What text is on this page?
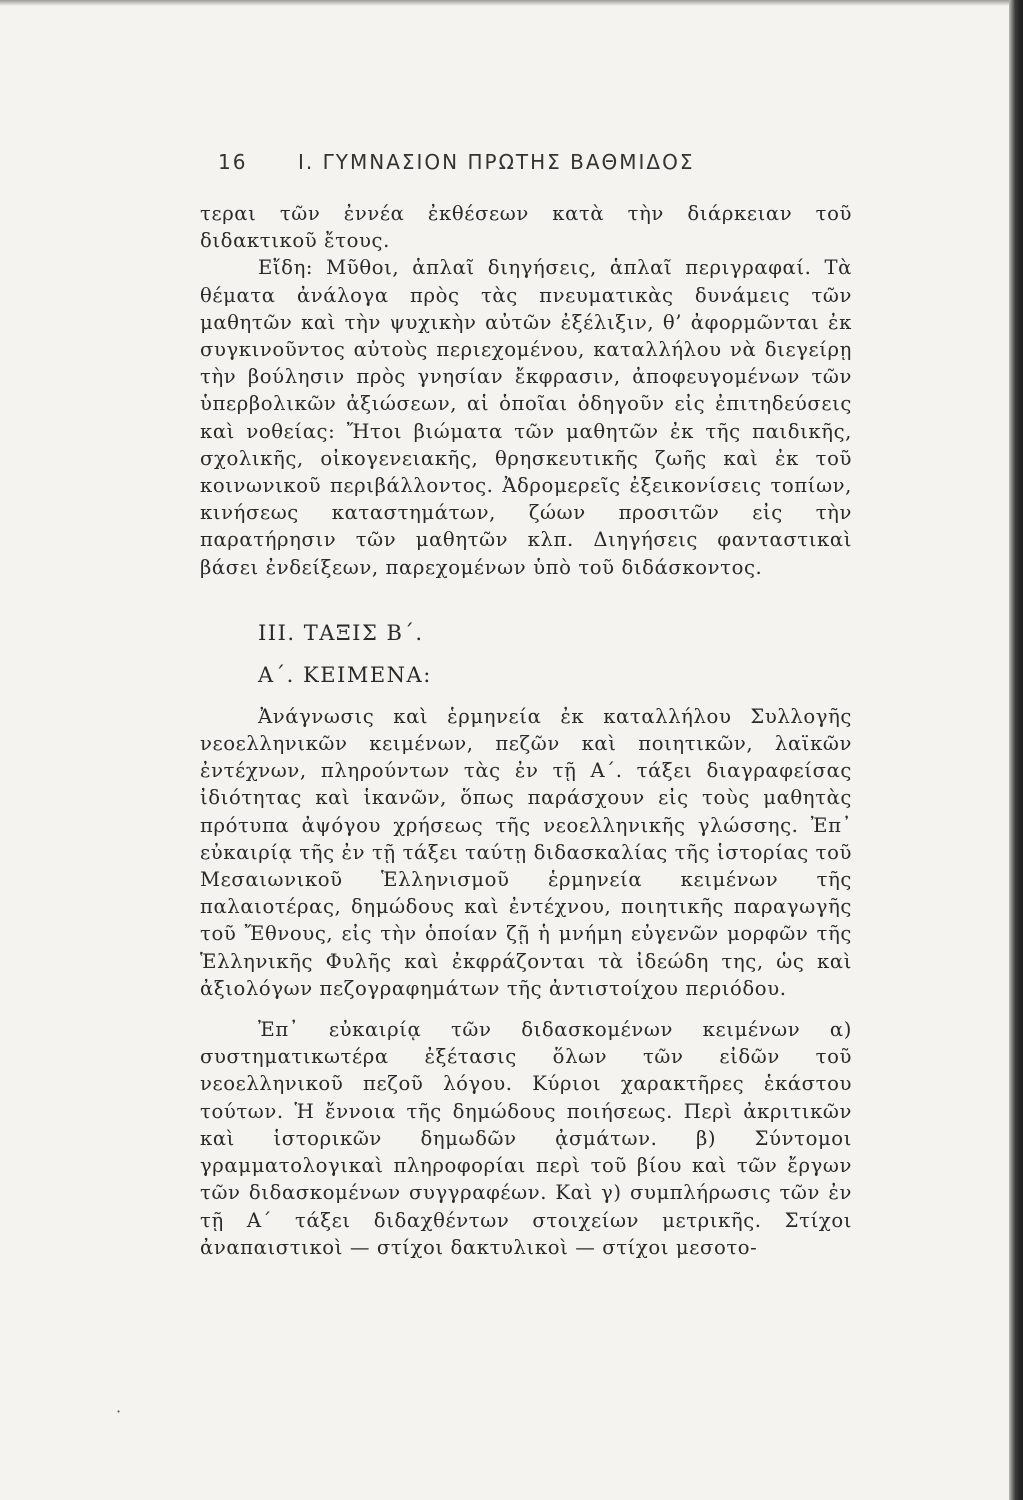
16	Ι. ΓΥΜΝΑΣΙΟΝ ΠΡΩΤΗΣ ΒΑΘΜΙΔΟΣ

τεραι τῶν ἐννέα ἐκθέσεων κατὰ τὴν διάρκειαν τοῦ διδακτικοῦ ἔτους.

Εἴδη: Μῦθοι, ἁπλαῖ διηγήσεις, ἁπλαῖ περιγραφαί. Τὰ θέματα ἀνάλογα πρὸς τὰς πνευματικὰς δυνάμεις τῶν μαθητῶν καὶ τὴν ψυχικὴν αὐτῶν ἐξέλιξιν, θ’ ἀφορμῶνται ἐκ συγκινοῦντος αὐτοὺς περιεχομένου, καταλλήλου νὰ διεγείρῃ τὴν βούλησιν πρὸς γνησίαν ἔκφρασιν, ἀποφευγομένων τῶν ὑπερβολικῶν ἀξιώσεων, αἱ ὁποῖαι ὁδηγοῦν εἰς ἐπιτηδεύσεις καὶ νοθείας: Ἤτοι βιώματα τῶν μαθητῶν ἐκ τῆς παιδικῆς, σχολικῆς, οἰκογενειακῆς, θρησκευτικῆς ζωῆς καὶ ἐκ τοῦ κοινωνικοῦ περιβάλλοντος. Ἀδρομερεῖς ἐξεικονίσεις τοπίων, κινήσεως καταστημάτων, ζώων προσιτῶν εἰς τὴν παρατήρησιν τῶν μαθητῶν κλπ. Διηγήσεις φανταστικαὶ βάσει ἐνδείξεων, παρεχομένων ὑπὸ τοῦ διδάσκοντος.

ΙΙΙ. ΤΑΞΙΣ Β΄.
Α΄. ΚΕΙΜΕΝΑ:

Ἀνάγνωσις καὶ ἑρμηνεία ἐκ καταλλήλου Συλλογῆς νεοελληνικῶν κειμένων, πεζῶν καὶ ποιητικῶν, λαϊκῶν ἐντέχνων, πληρούντων τὰς ἐν τῇ Α΄. τάξει διαγραφείσας ἰδιότητας καὶ ἱκανῶν, ὅπως παράσχουν εἰς τοὺς μαθητὰς πρότυπα ἀψόγου χρήσεως τῆς νεοελληνικῆς γλώσσης. Ἐπ᾿ εὐκαιρίᾳ τῆς ἐν τῇ τάξει ταύτῃ διδασκαλίας τῆς ἱστορίας τοῦ Μεσαιωνικοῦ Ἑλληνισμοῦ ἑρμηνεία κειμένων τῆς παλαιοτέρας, δημώδους καὶ ἐντέχνου, ποιητικῆς παραγωγῆς τοῦ Ἔθνους, εἰς τὴν ὁποίαν ζῇ ἡ μνήμη εὐγενῶν μορφῶν τῆς Ἑλληνικῆς Φυλῆς καὶ ἐκφράζονται τὰ ἰδεώδη της, ὡς καὶ ἀξιολόγων πεζογραφημάτων τῆς ἀντιστοίχου περιόδου.

Ἐπ᾿ εὐκαιρίᾳ τῶν διδασκομένων κειμένων α) συστηματικωτέρα ἐξέτασις ὅλων τῶν εἰδῶν τοῦ νεοελληνικοῦ πεζοῦ λόγου. Κύριοι χαρακτῆρες ἑκάστου τούτων. Ἡ ἔννοια τῆς δημώδους ποιήσεως. Περὶ ἀκριτικῶν καὶ ἱστορικῶν δημωδῶν ᾀσμάτων. β) Σύντομοι γραμματολογικαὶ πληροφορίαι περὶ τοῦ βίου καὶ τῶν ἔργων τῶν διδασκομένων συγγραφέων. Καὶ γ) συμπλήρωσις τῶν ἐν τῇ Α΄ τάξει διδαχθέντων στοιχείων μετρικῆς. Στίχοι ἀναπαιστικοὶ — στίχοι δακτυλικοὶ — στίχοι μεσοτο-

·
